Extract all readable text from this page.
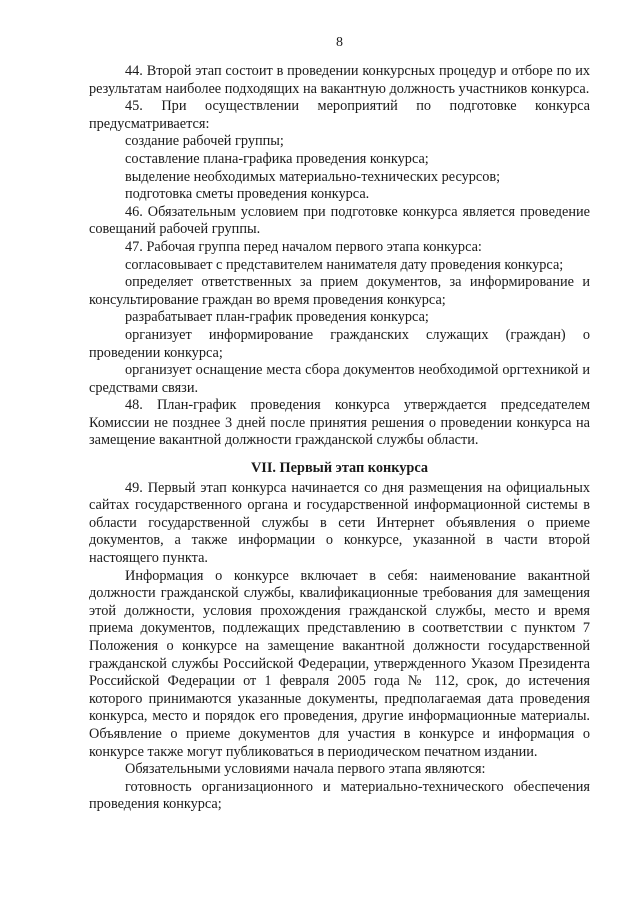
8

44. Второй этап состоит в проведении конкурсных процедур и отборе по их результатам наиболее подходящих на вакантную должность участников конкурса.

45. При осуществлении мероприятий по подготовке конкурса предусматривается:

создание рабочей группы;

составление плана-графика проведения конкурса;

выделение необходимых материально-технических ресурсов;

подготовка сметы проведения конкурса.

46. Обязательным условием при подготовке конкурса является проведение совещаний рабочей группы.

47. Рабочая группа перед началом первого этапа конкурса:

согласовывает с представителем нанимателя дату проведения конкурса;

определяет ответственных за прием документов, за информирование и консультирование граждан во время проведения конкурса;

разрабатывает план-график проведения конкурса;

организует информирование гражданских служащих (граждан) о проведении конкурса;

организует оснащение места сбора документов необходимой оргтехникой и средствами связи.

48. План-график проведения конкурса утверждается председателем Комиссии не позднее 3 дней после принятия решения о проведении конкурса на замещение вакантной должности гражданской службы области.

VII. Первый этап конкурса

49. Первый этап конкурса начинается со дня размещения на официальных сайтах государственного органа и государственной информационной системы в области государственной службы в сети Интернет объявления о приеме документов, а также информации о конкурсе, указанной в части второй настоящего пункта.

Информация о конкурсе включает в себя: наименование вакантной должности гражданской службы, квалификационные требования для замещения этой должности, условия прохождения гражданской службы, место и время приема документов, подлежащих представлению в соответствии с пунктом 7 Положения о конкурсе на замещение вакантной должности государственной гражданской службы Российской Федерации, утвержденного Указом Президента Российской Федерации от 1 февраля 2005 года № 112, срок, до истечения которого принимаются указанные документы, предполагаемая дата проведения конкурса, место и порядок его проведения, другие информационные материалы. Объявление о приеме документов для участия в конкурсе и информация о конкурсе также могут публиковаться в периодическом печатном издании.

Обязательными условиями начала первого этапа являются:

готовность организационного и материально-технического обеспечения проведения конкурса;
